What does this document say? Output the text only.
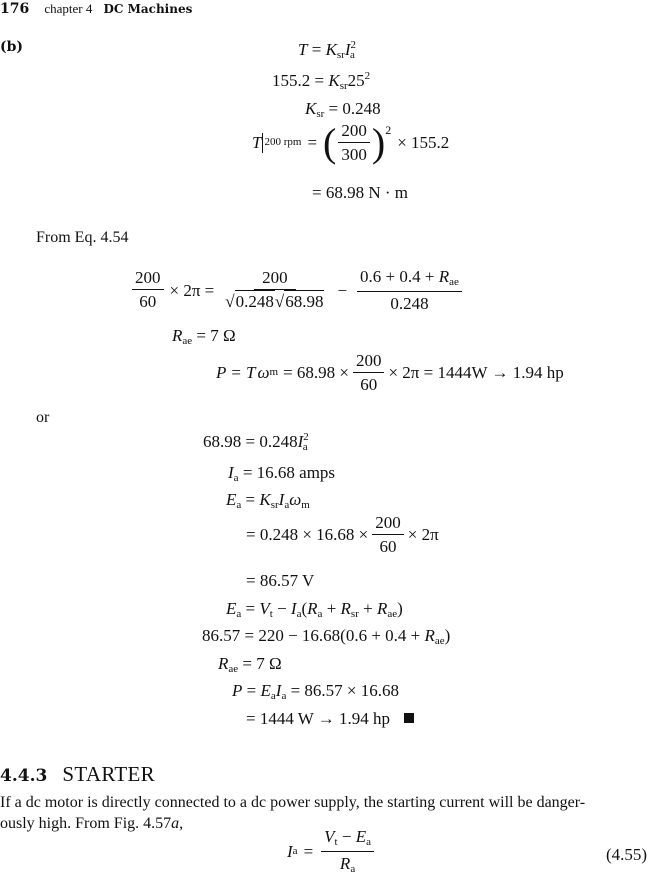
176 chapter 4 DC Machines
(b)	$T = K_{sr}I^2_a$
$155.2 = K_{sr}25^2$
$K_{sr} = 0.248$
T 200 rpm = ( $\frac{200}{300} )^2$
× 155.2
= 68.98 N · m
From Eq. 4.54
$\frac{200}{60} \times 2\pi = \frac{200}{√0.248√68.98} - \frac{0.6 + 0.4 + R_{ae}}{0.248}$
$R_{ae} = 7$ Ω
P = T ω $m = 68.98 \times \frac{200}{60} \times 2\pi = 1444W \to 1.94$ hp
or
$68.98 = 0.248I^2_a$
$I_a = 16.68$ amps
$E_a = K_{sr}I_a\omega_m$
= $0.248 \times 16.68 \times \frac{200}{60} \times 2\pi$
= 86.57 V
$E_a = V_t - I_a(R_a + R_{sr} + R_{ae})$
$86.57 = 220 - 16.68(0.6 + 0.4 + R_{ae})$
$R_{ae} = 7$ Ω
$P = E_aI_a = 86.57 \times 16.68$
= 1444 W → 1.94 hp
4.4.3 STARTER
If a dc motor is directly connected to a dc power supply, the starting current will be danger-
ously high. From Fig. 4.57a,
I $a = \frac{V_t - E_a}{R_a}$	(4.55)
